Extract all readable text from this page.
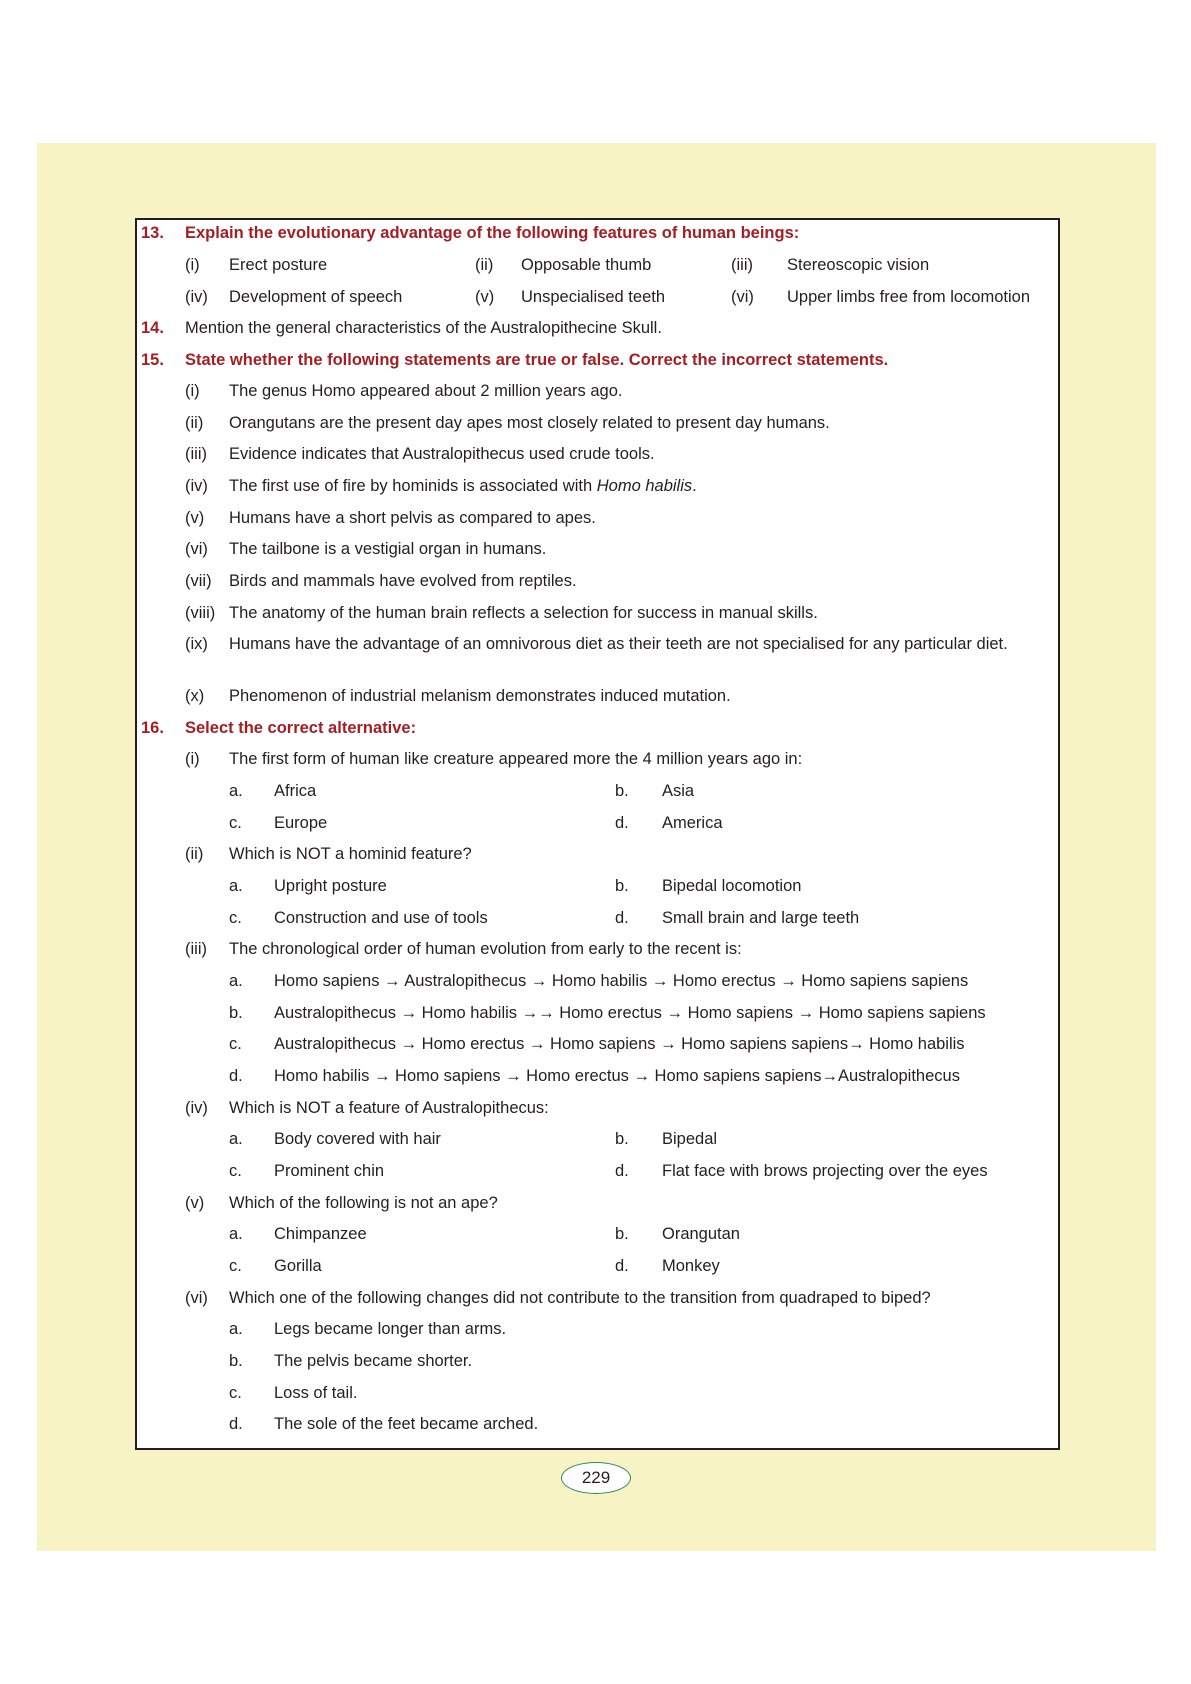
13. Explain the evolutionary advantage of the following features of human beings:
(i) Erect posture	(ii) Opposable thumb	(iii) Stereoscopic vision
(iv) Development of speech	(v) Unspecialised teeth	(vi) Upper limbs free from locomotion
14. Mention the general characteristics of the Australopithecine Skull.
15. State whether the following statements are true or false. Correct the incorrect statements.
(i) The genus Homo appeared about 2 million years ago.
(ii) Orangutans are the present day apes most closely related to present day humans.
(iii) Evidence indicates that Australopithecus used crude tools.
(iv) The first use of fire by hominids is associated with Homo habilis.
(v) Humans have a short pelvis as compared to apes.
(vi) The tailbone is a vestigial organ in humans.
(vii) Birds and mammals have evolved from reptiles.
(viii) The anatomy of the human brain reflects a selection for success in manual skills.
(ix) Humans have the advantage of an omnivorous diet as their teeth are not specialised for any particular diet.
(x) Phenomenon of industrial melanism demonstrates induced mutation.
16. Select the correct alternative:
(i) The first form of human like creature appeared more the 4 million years ago in:
a. Africa	b. Asia
c. Europe	d. America
(ii) Which is NOT a hominid feature?
a. Upright posture	b. Bipedal locomotion
c. Construction and use of tools	d. Small brain and large teeth
(iii) The chronological order of human evolution from early to the recent is:
a. Homo sapiens → Australopithecus → Homo habilis → Homo erectus → Homo sapiens sapiens
b. Australopithecus → Homo habilis →→ Homo erectus → Homo sapiens → Homo sapiens sapiens
c. Australopithecus → Homo erectus → Homo sapiens → Homo sapiens sapiens→ Homo habilis
d. Homo habilis → Homo sapiens → Homo erectus → Homo sapiens sapiens→Australopithecus
(iv) Which is NOT a feature of Australopithecus:
a. Body covered with hair	b. Bipedal
c. Prominent chin	d. Flat face with brows projecting over the eyes
(v) Which of the following is not an ape?
a. Chimpanzee	b. Orangutan
c. Gorilla	d. Monkey
(vi) Which one of the following changes did not contribute to the transition from quadraped to biped?
a. Legs became longer than arms.
b. The pelvis became shorter.
c. Loss of tail.
d. The sole of the feet became arched.
229
